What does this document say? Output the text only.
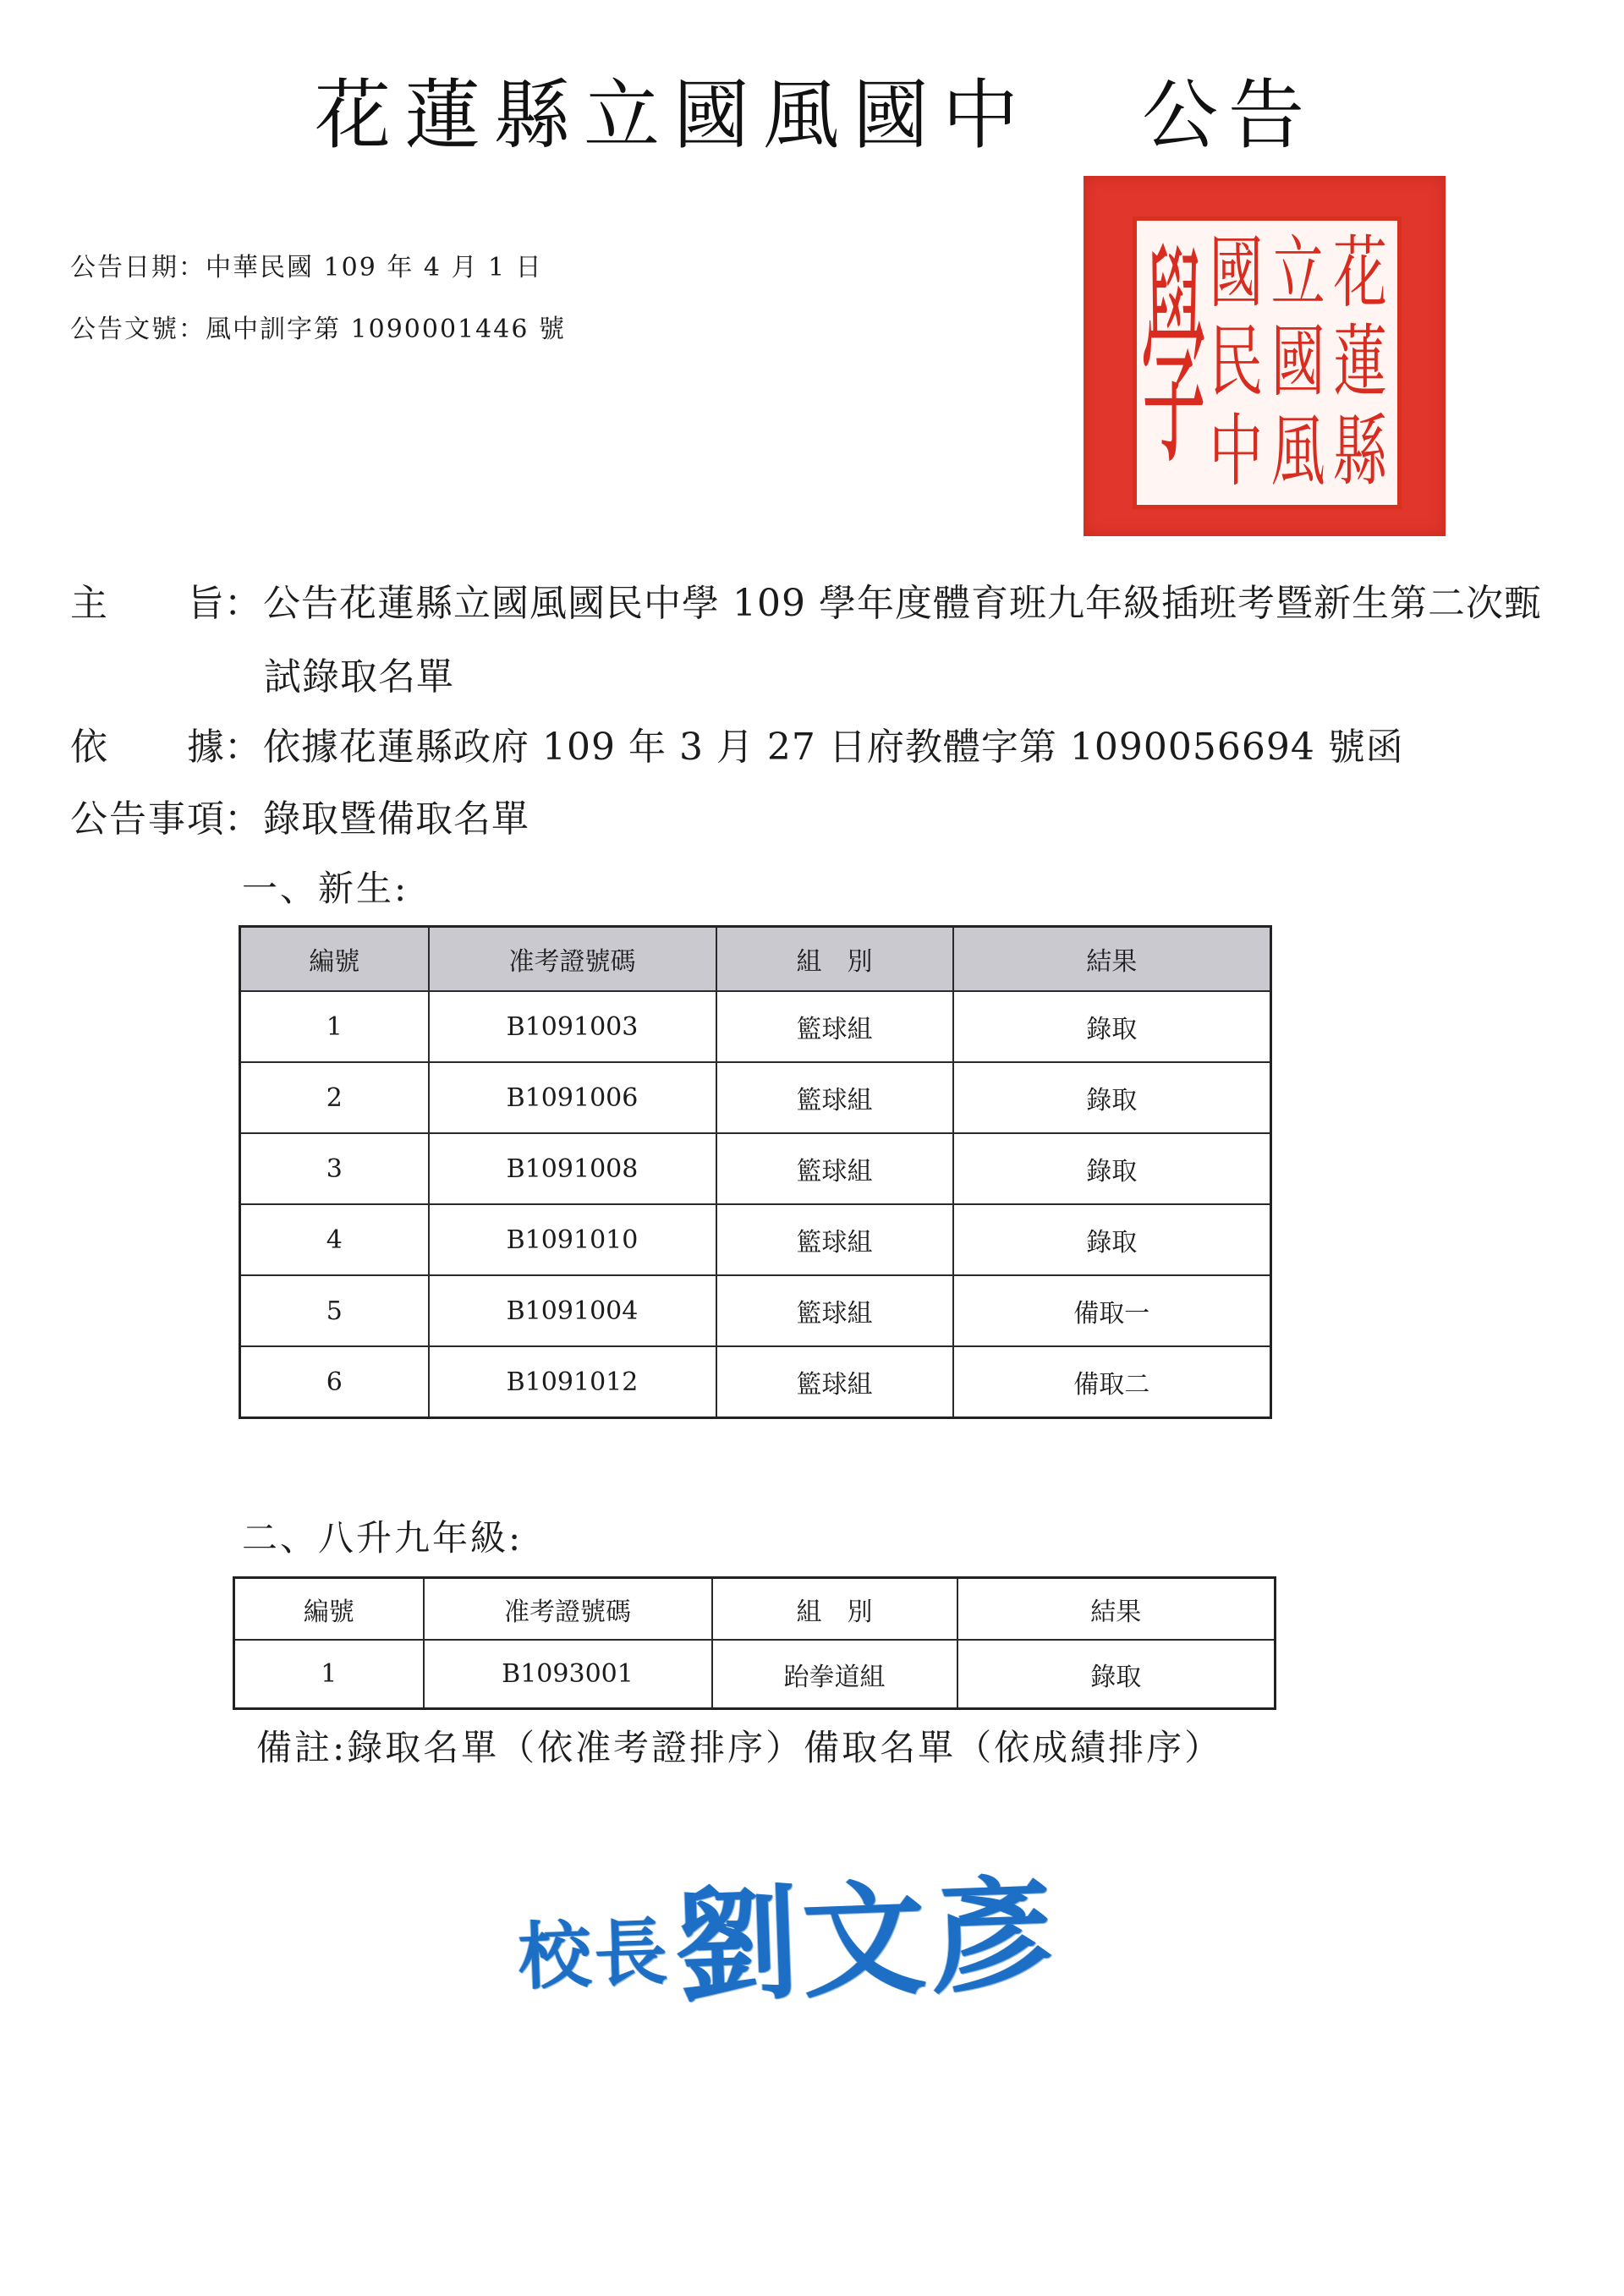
花蓮縣立國風國中 公告
花
蓮
縣
立
國
風
國
民
中
學
公告日期：中華民國 109 年 4 月 1 日
公告文號：風中訓字第 1090001446 號
主旨 ： 公告花蓮縣立國風國民中學 109 學年度體育班九年級插班考暨新生第二次甄
試錄取名單
依據 ： 依據花蓮縣政府 109 年 3 月 27 日府教體字第 1090056694 號函
公告事項 ： 錄取暨備取名單
一、新生:
編號	准考證號碼	組　別	結果
1	B1091003	籃球組	錄取
2	B1091006	籃球組	錄取
3	B1091008	籃球組	錄取
4	B1091010	籃球組	錄取
5	B1091004	籃球組	備取一
6	B1091012	籃球組	備取二
二、八升九年級:
編號	准考證號碼	組　別	結果
1	B1093001	跆拳道組	錄取
備註:錄取名單（依准考證排序）備取名單（依成績排序）
校長 劉文彥
